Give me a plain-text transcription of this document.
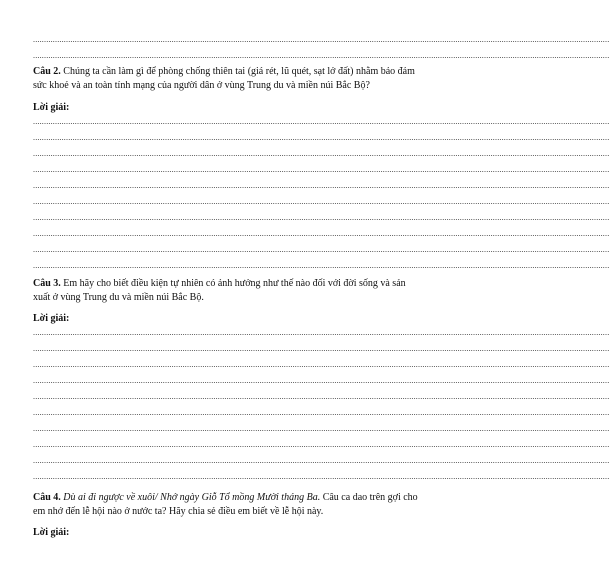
......................................................................................................................................................................................................................................................................
......................................................................................................................................................................................................................................................................

Câu 2. Chúng ta cần làm gì để phòng chống thiên tai (giá rét, lũ quét, sạt lở đất) nhằm bảo đảm sức khoẻ và an toàn tính mạng của người dân ở vùng Trung du và miền núi Bắc Bộ?

Lời giải:

......................................................................................................................................................................................................................................................................
......................................................................................................................................................................................................................................................................
......................................................................................................................................................................................................................................................................
......................................................................................................................................................................................................................................................................
......................................................................................................................................................................................................................................................................
......................................................................................................................................................................................................................................................................
......................................................................................................................................................................................................................................................................
......................................................................................................................................................................................................................................................................
......................................................................................................................................................................................................................................................................
......................................................................................................................................................................................................................................................................

Câu 3. Em hãy cho biết điều kiện tự nhiên có ảnh hưởng như thế nào đối với đời sống và sản xuất ở vùng Trung du và miền núi Bắc Bộ.

Lời giải:

......................................................................................................................................................................................................................................................................
......................................................................................................................................................................................................................................................................
......................................................................................................................................................................................................................................................................
......................................................................................................................................................................................................................................................................
......................................................................................................................................................................................................................................................................
......................................................................................................................................................................................................................................................................
......................................................................................................................................................................................................................................................................
......................................................................................................................................................................................................................................................................
......................................................................................................................................................................................................................................................................
......................................................................................................................................................................................................................................................................

Câu 4. Dù ai đi ngược về xuôi/ Nhớ ngày Giỗ Tổ mồng Mười tháng Ba. Câu ca dao trên gợi cho em nhớ đến lễ hội nào ở nước ta? Hãy chia sẻ điều em biết về lễ hội này.

Lời giải:
